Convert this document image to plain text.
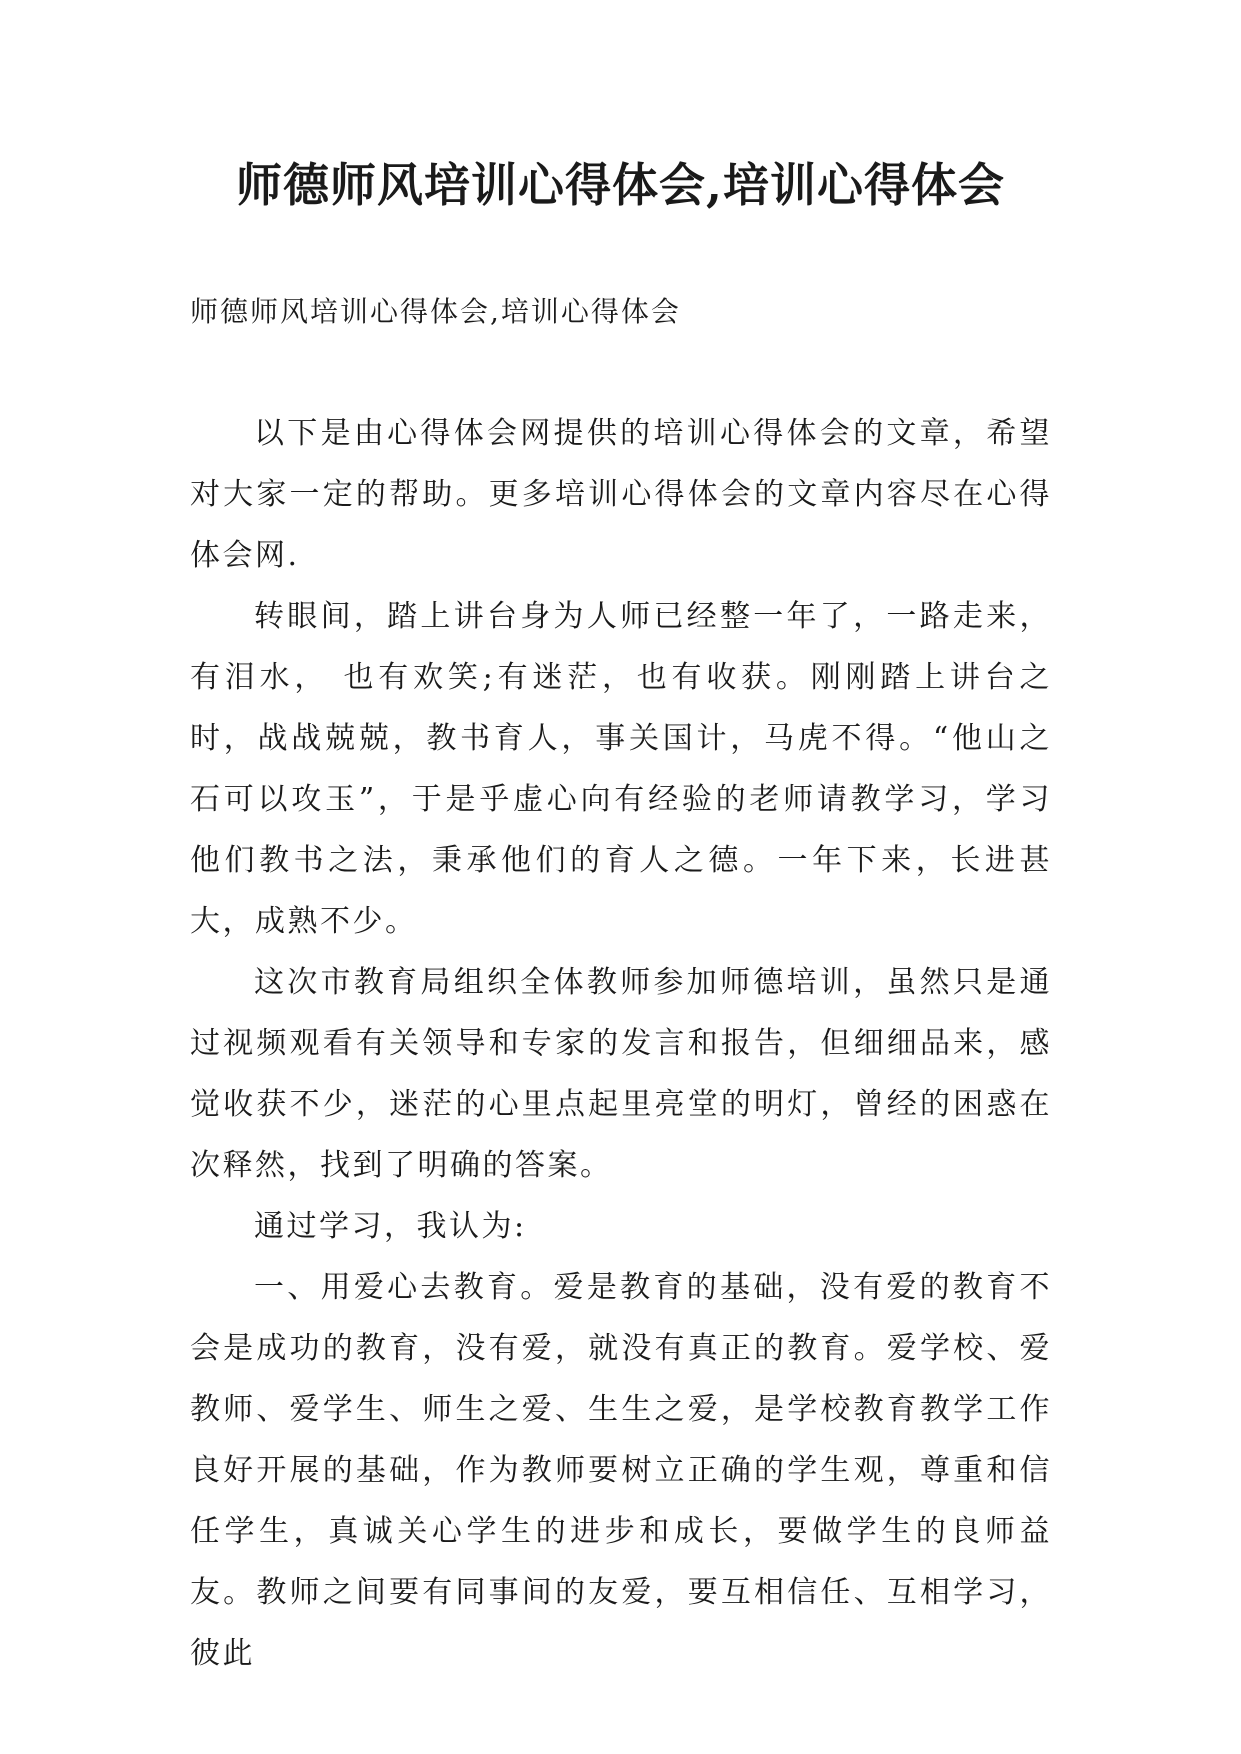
师德师风培训心得体会,培训心得体会

师德师风培训心得体会,培训心得体会

以下是由心得体会网提供的培训心得体会的文章，希望对大家一定的帮助。更多培训心得体会的文章内容尽在心得体会网.

转眼间，踏上讲台身为人师已经整一年了，一路走来，有泪水， 也有欢笑;有迷茫，也有收获。刚刚踏上讲台之时，战战兢兢，教书育人，事关国计，马虎不得。“他山之石可以攻玉”，于是乎虚心向有经验的老师请教学习，学习他们教书之法，秉承他们的育人之德。一年下来，长进甚大，成熟不少。

这次市教育局组织全体教师参加师德培训，虽然只是通过视频观看有关领导和专家的发言和报告，但细细品来，感觉收获不少，迷茫的心里点起里亮堂的明灯，曾经的困惑在次释然，找到了明确的答案。

通过学习，我认为:

一、用爱心去教育。爱是教育的基础，没有爱的教育不会是成功的教育，没有爱，就没有真正的教育。爱学校、爱教师、爱学生、师生之爱、生生之爱，是学校教育教学工作良好开展的基础，作为教师要树立正确的学生观，尊重和信任学生，真诚关心学生的进步和成长，要做学生的良师益友。教师之间要有同事间的友爱，要互相信任、互相学习，彼此
